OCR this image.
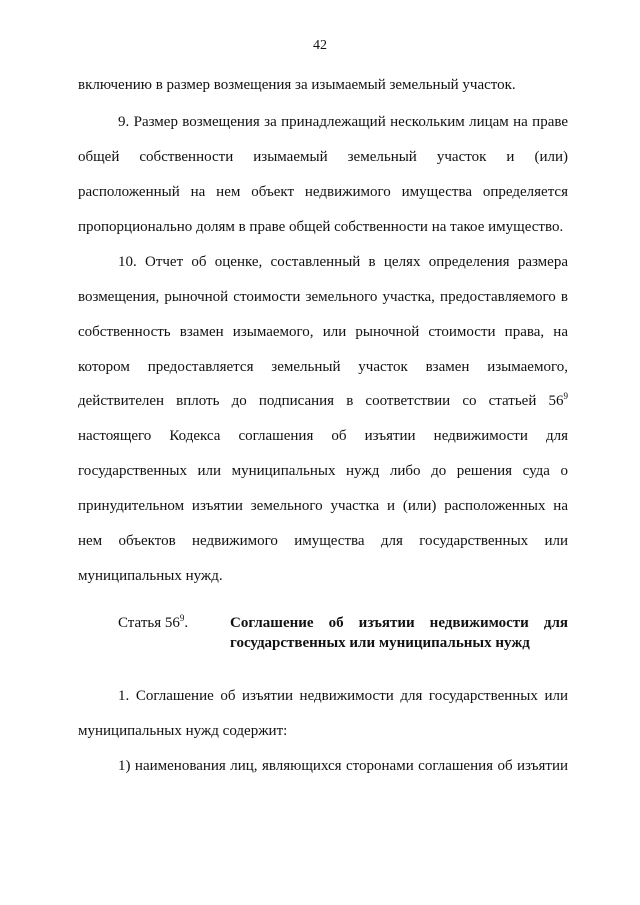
42
включению в размер возмещения за изымаемый земельный участок.
9. Размер возмещения за принадлежащий нескольким лицам на праве
общей собственности изымаемый земельный участок и (или)
расположенный на нем объект недвижимого имущества определяется
пропорционально долям в праве общей собственности на такое имущество.
10. Отчет об оценке, составленный в целях определения размера
возмещения, рыночной стоимости земельного участка, предоставляемого в
собственность взамен изымаемого, или рыночной стоимости права, на
котором предоставляется земельный участок взамен изымаемого,
действителен вплоть до подписания в соответствии со статьей $56^9$
настоящего Кодекса соглашения об изъятии недвижимости для
государственных или муниципальных нужд либо до решения суда о
принудительном изъятии земельного участка и (или) расположенных на
нем объектов недвижимого имущества для государственных или
муниципальных нужд.
Статья $56^9$.	Соглашение об изъятии недвижимости для
государственных или муниципальных нужд
1. Соглашение об изъятии недвижимости для государственных или
муниципальных нужд содержит:
1) наименования лиц, являющихся сторонами соглашения об изъятии
